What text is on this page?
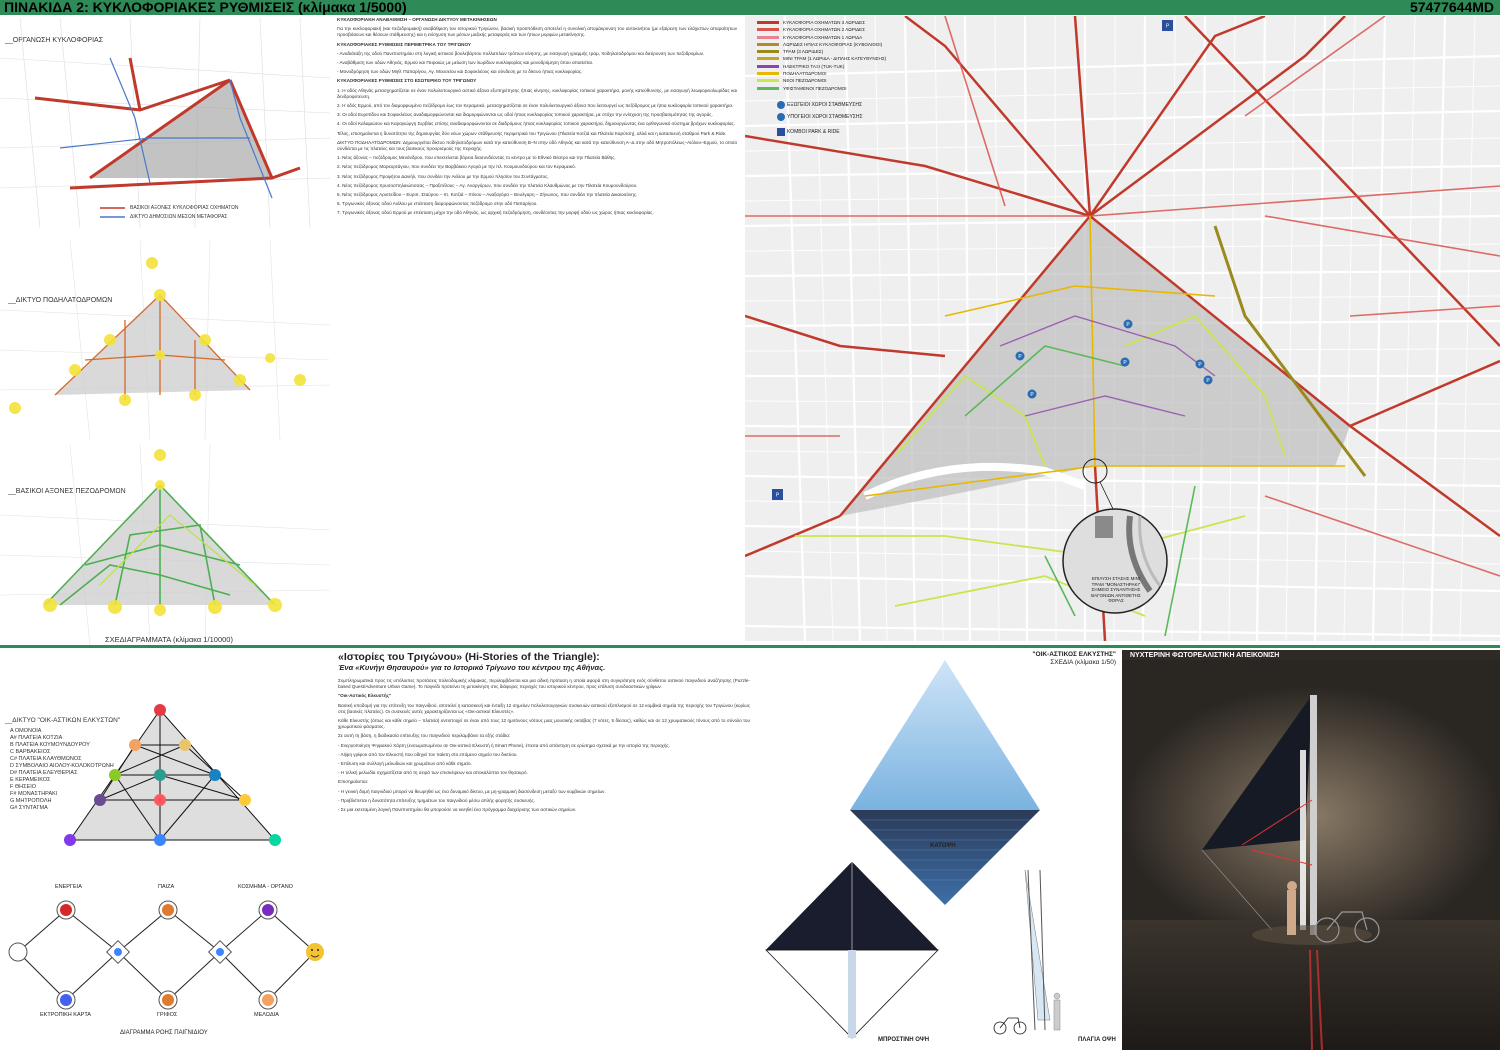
ΠΙΝΑΚΙΔΑ 2: ΚΥΚΛΟΦΟΡΙΑΚΕΣ ΡΥΘΜΙΣΕΙΣ (κλίμακα 1/5000)	57477644MD
__ΟΡΓΑΝΩΣΗ ΚΥΚΛΟΦΟΡΙΑΣ
ΒΑΣΙΚΟΙ ΑΞΟΝΕΣ ΚΥΚΛΟΦΟΡΙΑΣ ΟΧΗΜΑΤΩΝ
ΔΙΚΤΥΟ ΔΗΜΟΣΙΩΝ ΜΕΣΩΝ ΜΕΤΑΦΟΡΑΣ
__ΔΙΚΤΥΟ ΠΟΔΗΛΑΤΟΔΡΟΜΩΝ
__ΒΑΣΙΚΟΙ ΑΞΟΝΕΣ ΠΕΖΟΔΡΟΜΩΝ
ΣΧΕΔΙΑΓΡΑΜΜΑΤΑ (κλίμακα 1/10000)

ΚΥΚΛΟΦΟΡΙΑΚΗ ΑΝΑΒΑΘΜΙΣΗ – ΟΡΓΑΝΩΣΗ ΔΙΚΤΥΟΥ ΜΕΤΑΚΙΝΗΣΕΩΝ

Για την κυκλοφοριακή (και πεζοδρομιακή) αναβάθμιση του Ιστορικού Τριγώνου, βασική προϋπόθεση αποτελεί η συνολική απομάκρυνση του αυτοκινήτου (με εξαίρεση των ελάχιστων απαραίτητων προσβάσεων και θέσεων στάθμευσης) και η ενίσχυση των μέσων μαζικής μεταφοράς και των ήπιων μορφών μετακίνησης.

ΚΥΚΛΟΦΟΡΙΑΚΕΣ ΡΥΘΜΙΣΕΙΣ ΠΕΡΙΜΕΤΡΙΚΑ ΤΟΥ ΤΡΙΓΩΝΟΥ

- Αναδιάταξη της οδού Πανεπιστημίου στη λογική αστικού βουλεβάρτου πολλαπλών τρόπων κίνησης, με εισαγωγή γραμμής τραμ, ποδηλατοδρόμου και διεύρυνση των πεζοδρομίων.

- Αναβάθμιση των οδών Αθηνάς, Ερμού και Πειραιώς με μείωση των λωρίδων κυκλοφορίας και μονοδρόμηση όπου απαιτείται.

- Μονοδρόμηση των οδών Μηθ. Παπαρίγου, Αγ. Μουσείου και Σοφοκλέους και σύνδεση με το δίκτυο ήπιας κυκλοφορίας.

ΚΥΚΛΟΦΟΡΙΑΚΕΣ ΡΥΘΜΙΣΕΙΣ ΣΤΟ ΕΣΩΤΕΡΙΚΟ ΤΟΥ ΤΡΙΓΩΝΟΥ

1. Η οδός Αθηνάς μετασχηματίζεται σε έναν πολυλειτουργικό αστικό άξονα εξυπηρέτησης ήπιας κίνησης, κυκλοφορίας τοπικού χαρακτήρα, μονής κατεύθυνσης, με εισαγωγή λεωφορειολωρίδας και δενδροφύτευση.

2. Η οδός Ερμού, από τον διαμορφωμένο πεζόδρομο έως τον Κεραμεικό, μετασχηματίζεται σε έναν πολυλειτουργικό άξονα που λειτουργεί ως πεζόδρομος με ήπια κυκλοφορία τοπικού χαρακτήρα.

3. Οι οδοί Ευριπίδου και Σοφοκλέους αναδιαμορφώνονται και διαμορφώνονται ως οδοί ήπιας κυκλοφορίας τοπικού χαρακτήρα, με στόχο την ενίσχυση της προσβασιμότητας της αγοράς.

4. Οι οδοί Καλαμιώτου και Καραγιώργη Σερβίας επίσης αναδιαμορφώνονται σε διαδρόμους ήπιας κυκλοφορίας τοπικού χαρακτήρα, δημιουργώντας ένα ορθογωνικό σύστημα βρόχων κυκλοφορίας.

Τέλος, επισημαίνεται η δυνατότητα της δημιουργίας δύο νέων χώρων στάθμευσης περιμετρικά του Τριγώνου (Πλατεία Κοτζιά και Πλατεία Καρύτση), αλλά και η κατασκευή σταθμού Park & Ride.

ΔΙΚΤΥΟ ΠΟΔΗΛΑΤΟΔΡΟΜΩΝ: Δημιουργείται δίκτυο ποδηλατοδρόμων κατά την κατεύθυνση Β–Ν στην οδό Αθηνάς και κατά την κατεύθυνση Α–Δ στην οδό Μητροπόλεως–Αιόλου–Ερμού, το οποίο συνδέεται με τις πλατείες και τους βασικούς προορισμούς της περιοχής.

1. Νέος άξονας – πεζόδρομος Μενάνδρου, που επεκτείνεται βόρεια διασυνδέοντας το κέντρο με το Εθνικό Θέατρο και την Πλατεία Βάθης.

2. Νέος πεζόδρομος Μαρκορτάγιου, που συνδέει την Βαρβάκειο Αγορά με την πλ. Κουμουνδούρου και τον Κεραμεικό.

3. Νέος πεζόδρομος Προφήτου Δανιήλ, που συνδέει την Αιόλου με την Ερμού πλησίον του Συντάγματος.

4. Νέος πεζόδρομος Χρυσοσπηλαιώτισσας – Πραξιτέλους – Αγ. Αναργύρων, που συνδέει την πλατεία Κλαυθμώνος με την Πλατεία Κουμουνδούρου.

5. Νέος πεζόδρομος Αριστείδου – Ευριπ. Σταύρου – Ιπ. Κοτζιά – Ιπίνου – Αναξαγόρα – Βουλγαρη – Ζήνωνος, που συνδέει την πλατεία Δικαιοσύνης.

6. Τριγωνικός άξονας οδού Αιόλου με επέκταση διαμορφώνοντας πεζόδρομο στην οδό Παπαρίγου.

7. Τριγωνικός άξονας οδού Ερμού με επέκταση μέχρι την οδό Αθηνάς, ως αρχική πεζοδρόμηση, συνδέοντας την μορφή οδού ως χώρος ήπιας κυκλοφορίας.

P
P
P
P
P
P
P
P
ΚΥΚΛΟΦΟΡΙΑ ΟΧΗΜΑΤΩΝ 3 ΛΩΡΙΔΕΣ
ΚΥΚΛΟΦΟΡΙΑ ΟΧΗΜΑΤΩΝ 2 ΛΩΡΙΔΕΣ
ΚΥΚΛΟΦΟΡΙΑ ΟΧΗΜΑΤΩΝ 1 ΛΩΡΙΔΑ
ΛΩΡΙΔΕΣ ΗΠΙΑΣ ΚΥΚΛΟΦΟΡΙΑΣ (ΚΥΒΟΛΙΘΟΙ)
ΤΡΑΜ (3 ΛΩΡΙΔΕΣ)
ΜΙΝΙ ΤΡΑΜ (1 ΛΩΡΙΔΑ - ΔΙΠΛΗΣ ΚΑΤΕΥΘΥΝΣΗΣ)
ΗΛΕΚΤΡΙΚΟ ΤΑΞΙ (TUK-TUK)
ΠΟΔΗΛΑΤΟΔΡΟΜΟΙ
ΝΕΟΙ ΠΕΖΟΔΡΟΜΟΙ
ΥΦΙΣΤΑΜΕΝΟΙ ΠΕΖΟΔΡΟΜΟΙ
ΕΞΩΓΕΙΟΙ ΧΩΡΟΙ ΣΤΑΘΜΕΥΣΗΣ
ΥΠΟΓΕΙΟΙ ΧΩΡΟΙ ΣΤΑΘΜΕΥΣΗΣ
ΚΟΜΒΟΙ PARK & RIDE
ΕΠΙΛΥΣΗ ΣΤΑΣΗΣ ΜΙΝΙ ΤΡΑΜ "ΜΟΝΑΣΤΗΡΑΚΙ" ΣΗΜΕΙΟ ΣΥΝΑΝΤΗΣΗΣ ΒΑΓΟΝΙΩΝ ΑΝΤΙΘΕΤΗΣ ΦΟΡΑΣ
__ΔΙΚΤΥΟ "ΟΙΚ-ΑΣΤΙΚΩΝ ΕΛΚΥΣΤΩΝ"
Α ΟΜΟΝΟΙΑ
Α# ΠΛΑΤΕΙΑ ΚΟΤΖΙΑ
Β ΠΛΑΤΕΙΑ ΚΟΥΜΟΥΝΔΟΥΡΟΥ
C ΒΑΡΒΑΚΕΙΟΣ
C# ΠΛΑΤΕΙΑ ΚΛΑΥΘΜΩΝΟΣ
D ΣΥΜΒΟΛΑΙΟ ΑΙΟΛΟΥ-ΚΟΛΟΚΟΤΡΩΝΗ
D# ΠΛΑΤΕΙΑ ΕΛΕΥΘΕΡΙΑΣ
Ε ΚΕΡΑΜΕΙΚΟΣ
F ΘΗΣΕΙΟ
F# ΜΟΝΑΣΤΗΡΑΚΙ
G ΜΗΤΡΟΠΟΛΗ
G# ΣΥΝΤΑΓΜΑ
ΕΝΕΡΓΕΙΑ	ΠΑΙΖΑ	ΚΟΣΜΗΜΑ - ΟΡΓΑΝΟ
ΕΚΤΡΟΠΙΚΗ ΚΑΡΤΑ	ΓΡΙΦΟΣ	ΜΕΛΩΔΙΑ
ΔΙΑΓΡΑΜΜΑ ΡΟΗΣ ΠΑΙΓΝΙΔΙΟΥ
«Ιστορίες του Τριγώνου» (Hi-Stories of the Triangle):
Ένα «Κυνήγι Θησαυρού» για το Ιστορικό Τρίγωνο του κέντρου της Αθήνας.

Συμπληρωματικά προς τις υπόλοιπες προτάσεις πολεοδομικής κλίμακας, περιλαμβάνεται και μια αδική πρόταση η οποία αφορά στη συγκρότηση ενός σύνθετου αστικού παιγνιδιού αναζήτησης (Puzzle-based Quest/Adventure Urban Game). Το παιγνίδι προτείνει τη μετακίνηση στις διάφορες περιοχές του ιστορικού κέντρου, προς επίλυση συνδυαστικών γρίφων.

"Οικ-Αστικός Ελκυστής"

Βασική υποδομή για την επίτευξη του παιγνιδιού, αποτελεί η κατασκευή και ένταξη 12 σημείων πολυλειτουργικών συσκευών αστικού εξοπλισμού σε 12 κομβικά σημεία της περιοχής του Τριγώνου (κυρίως στις βασικές πλατείες). Οι συσκευές αυτές χαρακτηρίζονται ως «Οικ-αστικοί Ελκυστές».

Κάθε Ελκυστής (όπως και κάθε σημείο – πλατεία) αντιστοιχεί σε έναν από τους 12 ημιτόνους νότους μιας μουσικής οκτάβας (7 νότες, 5 δίεσεις), καθώς και σε 12 χρωματικούς τόνους από το σύνολο του χρωματικού φάσματος.

Σε αυτή τη βάση, η διαδικασία επίτευξης του παιγνιδιού περιλαμβάνει τα εξής στάδια:

- Ενεργοποίηση Ψηφιακού Χάρτη (ενσωματωμένου σε Οικ-αστικό Ελκυστή ή Smart Phone), έπειτα από απάντηση σε ερώτημα σχετικά με την ιστορία της περιοχής.

- Λήψη γρίφου από τον Ελκυστή που οδηγεί τον παίκτη στο επόμενο σημείο του δικτύου.

- Επίλυση και συλλογή μελωδιών και χρωμάτων από κάθε σημείο.

- Η τελική μελωδία σχηματίζεται από τη σειρά των επισκέψεων και αποκαλύπτει τον θησαυρό.

Επισημαίνεται:

- Η γενική δομή παιγνιδιού μπορεί να θεωρηθεί ως ένα δυναμικό δίκτυο, με μη-γραμμική διασύνδεση μεταξύ των κομβικών σημείων.

- Προβλέπεται η δυνατότητα επίτευξης τμημάτων του παιγνιδιού μέσω απλής φορητής συσκευής.

- Σε μια εκτεταμένη λογική Πανεπιστημίου θα μπορούσε να κινηθεί ένα πρόγραμμα διαχείρισης των αστικών σημείων.

"ΟΙΚ-ΑΣΤΙΚΟΣ ΕΛΚΥΣΤΗΣ"
ΣΧΕΔΙΑ (κλίμακα 1/50)
ΚΑΤΟΨΗ
ΜΠΡΟΣΤΙΝΗ ΟΨΗ	ΠΛΑΓΙΑ ΟΨΗ
ΝΥΧΤΕΡΙΝΗ ΦΩΤΟΡΕΑΛΙΣΤΙΚΗ ΑΠΕΙΚΟΝΙΣΗ
